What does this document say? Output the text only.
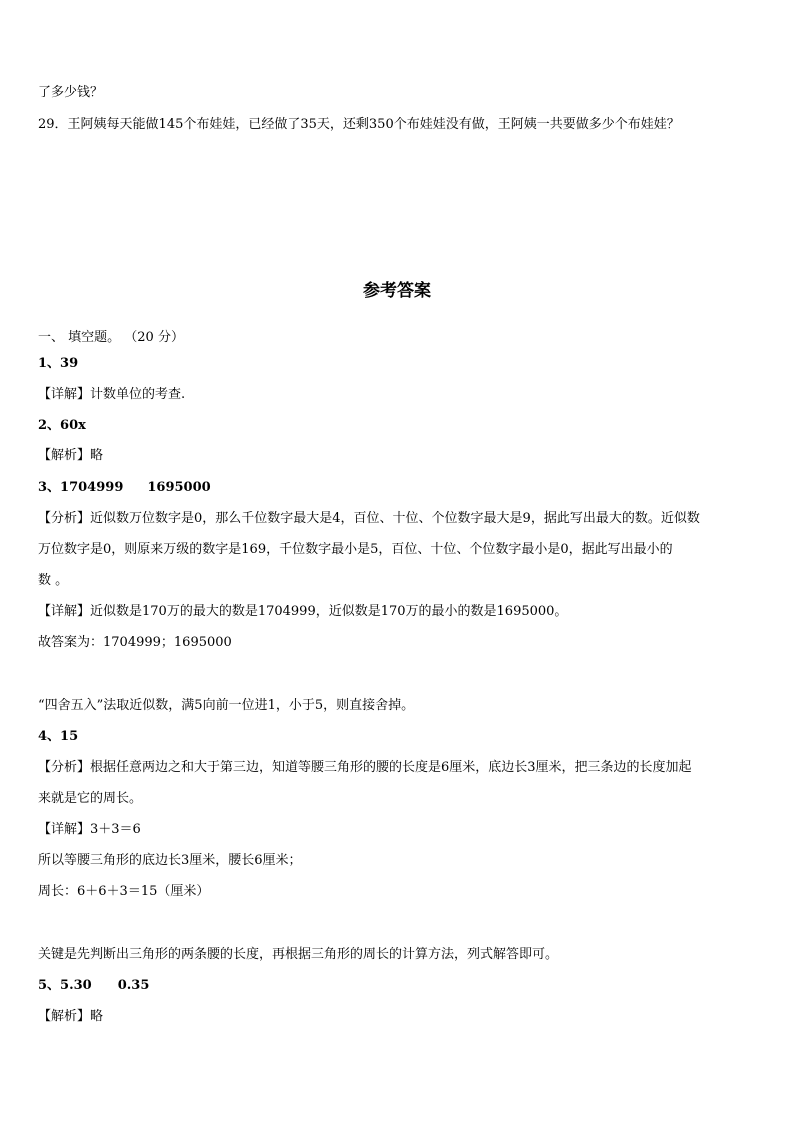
了多少钱？
29．王阿姨每天能做145个布娃娃，已经做了35天，还剩350个布娃娃没有做，王阿姨一共要做多少个布娃娃？
参考答案
一、 填空题。 （20 分）
1、39
【详解】计数单位的考查.
2、60x
【解析】略
3、1704999 1695000
【分析】近似数万位数字是0，那么千位数字最大是4，百位、十位、个位数字最大是9，据此写出最大的数。近似数
万位数字是0，则原来万级的数字是169，千位数字最小是5，百位、十位、个位数字最小是0，据此写出最小的
数 。
【详解】近似数是170万的最大的数是1704999，近似数是170万的最小的数是1695000。
故答案为：1704999；1695000
“四舍五入”法取近似数，满5向前一位进1，小于5，则直接舍掉。
4、15
【分析】根据任意两边之和大于第三边，知道等腰三角形的腰的长度是6厘米，底边长3厘米，把三条边的长度加起
来就是它的周长。
【详解】3＋3＝6
所以等腰三角形的底边长3厘米，腰长6厘米；
周长：6＋6＋3＝15（厘米）
关键是先判断出三角形的两条腰的长度，再根据三角形的周长的计算方法，列式解答即可。
5、5.30 0.35
【解析】略
